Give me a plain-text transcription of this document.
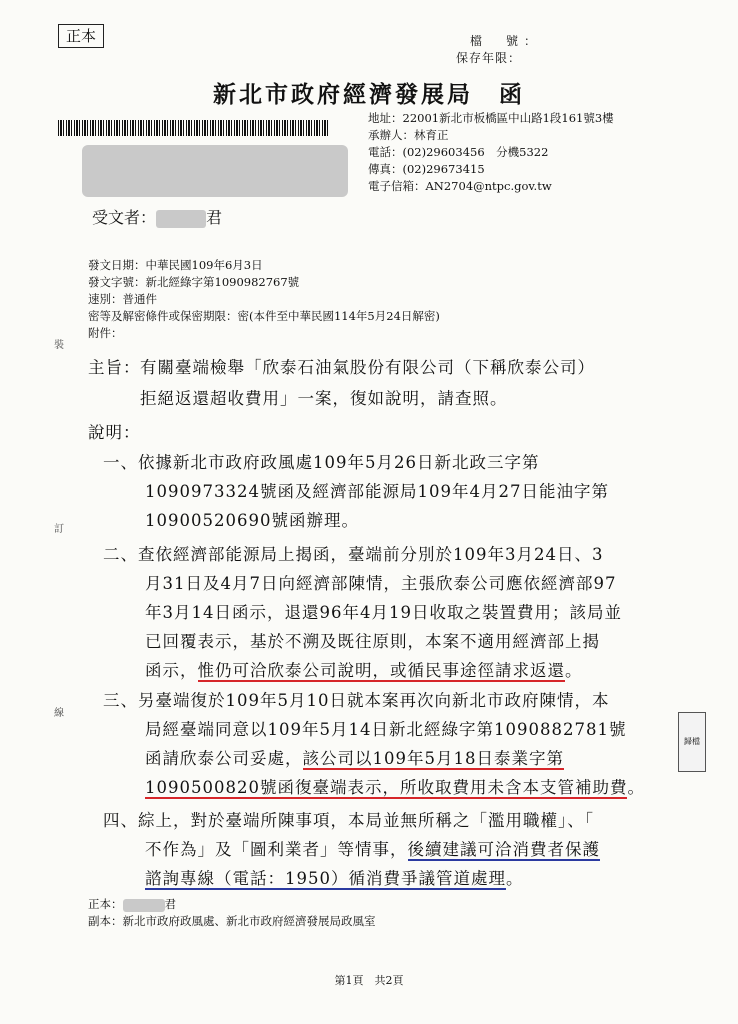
正本	檔　號：
保存年限：
新北市政府經濟發展局　函
地址：22001新北市板橋區中山路1段161號3樓
承辦人：林育正
電話：(02)29603456　分機5322
傳真：(02)29673415
電子信箱：AN2704@ntpc.gov.tw
受文者：	君
發文日期：中華民國109年6月3日
發文字號：新北經綠字第1090982767號
速別：普通件
密等及解密條件或保密期限：密(本件至中華民國114年5月24日解密)
附件：
主旨： 有關臺端檢舉「欣泰石油氣股份有限公司（下稱欣泰公司）
拒絕返還超收費用」一案，復如說明，請查照。
說明：
一、依據新北市政府政風處109年5月26日新北政三字第
1090973324號函及經濟部能源局109年4月27日能油字第
10900520690號函辦理。
二、查依經濟部能源局上揭函，臺端前分別於109年3月24日、3
月31日及4月7日向經濟部陳情，主張欣泰公司應依經濟部97
年3月14日函示，退還96年4月19日收取之裝置費用；該局並
已回覆表示，基於不溯及既往原則，本案不適用經濟部上揭
函示，惟仍可洽欣泰公司說明，或循民事途徑請求返還。
三、另臺端復於109年5月10日就本案再次向新北市政府陳情，本
局經臺端同意以109年5月14日新北經綠字第1090882781號
函請欣泰公司妥處，該公司以109年5月18日泰業字第
1090500820號函復臺端表示，所收取費用未含本支管補助費。
四、綜上，對於臺端所陳事項，本局並無所稱之「濫用職權」、「
不作為」及「圖利業者」等情事，後續建議可洽消費者保護
諮詢專線（電話：1950）循消費爭議管道處理。
正本：	君
副本：新北市政府政風處、新北市政府經濟發展局政風室
裝
訂
線
歸檔
第1頁　共2頁
